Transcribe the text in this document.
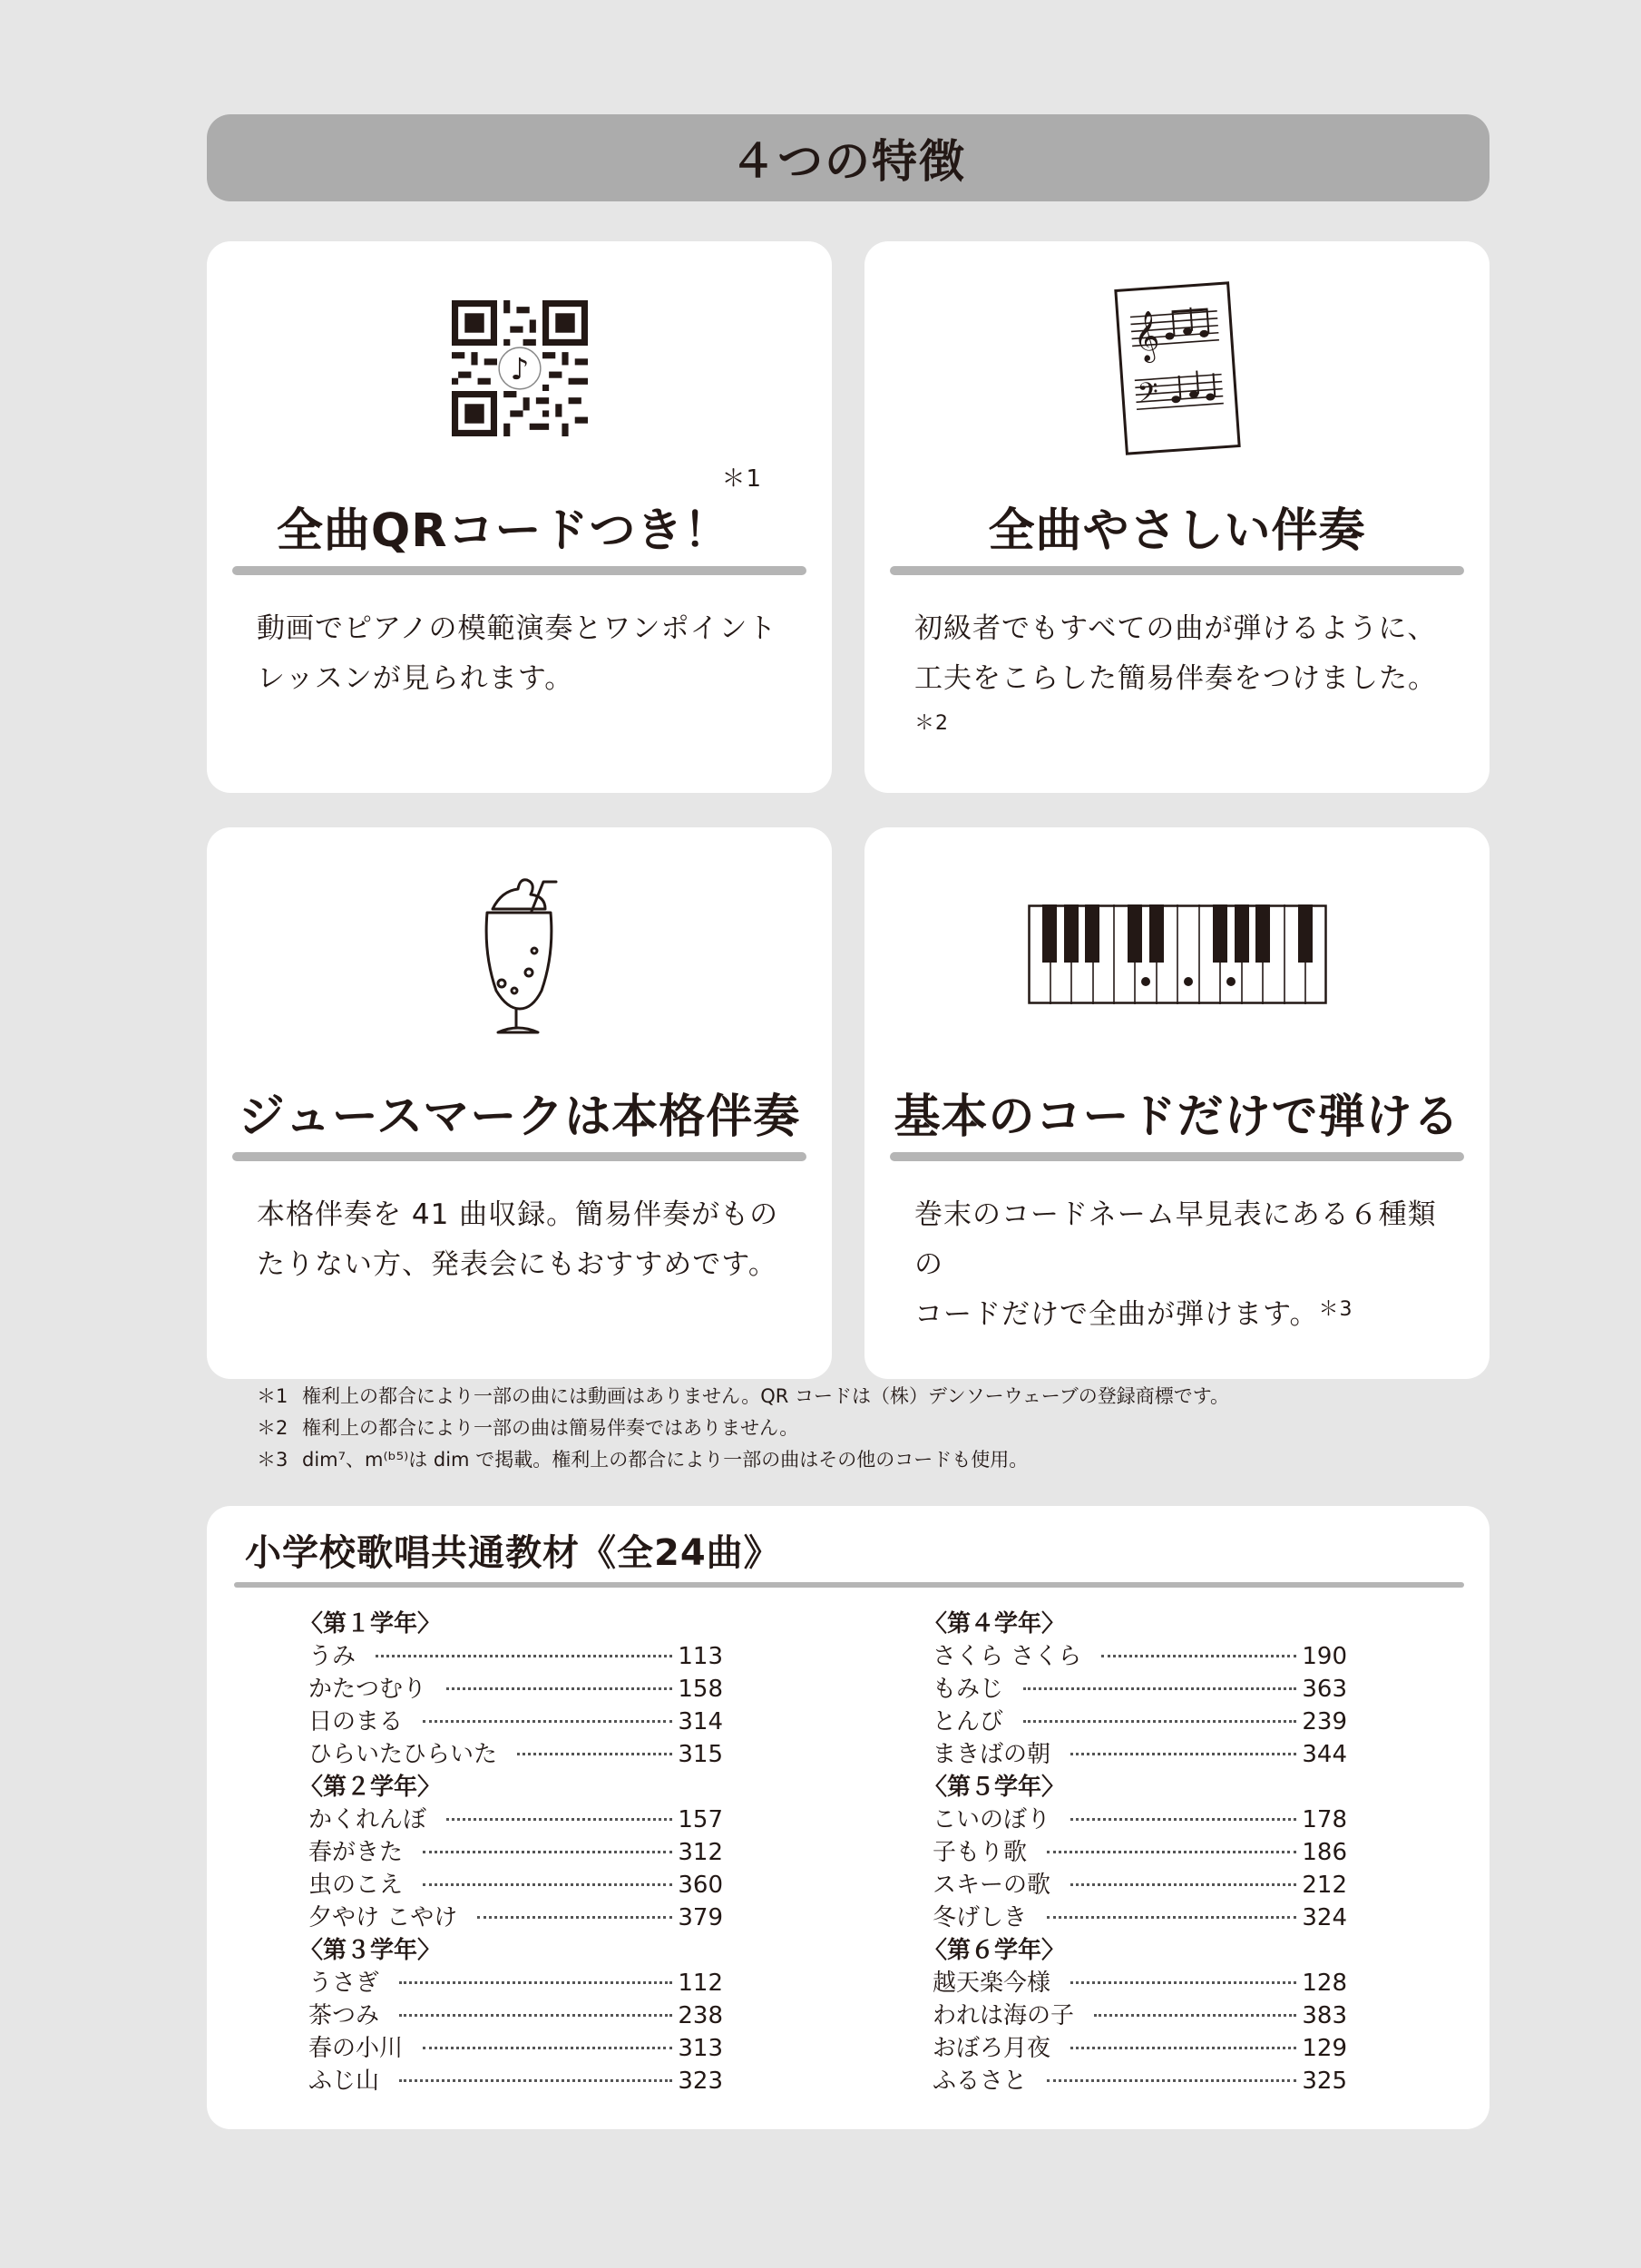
４つの特徴
♪
全曲QRコードつき！$^{*1}$

動画でピアノの模範演奏とワンポイント
レッスンが見られます。

𝄞
𝄢
全曲やさしい伴奏

初級者でもすべての曲が弾けるように、
工夫をこらした簡易伴奏をつけました。$^{*2}$

ジュースマークは本格伴奏

本格伴奏を 41 曲収録。簡易伴奏がもの
たりない方、発表会にもおすすめです。

基本のコードだけで弾ける

巻末のコードネーム早見表にある６種類の
コードだけで全曲が弾けます。$^{*3}$

＊1 権利上の都合により一部の曲には動画はありません。QR コードは（株）デンソーウェーブの登録商標です。
＊2 権利上の都合により一部の曲は簡易伴奏ではありません。
＊3 dim⁷、m⁽ᵇ⁵⁾は dim で掲載。権利上の都合により一部の曲はその他のコードも使用。
小学校歌唱共通教材《全24曲》
〈第１学年〉
うみ	113
かたつむり	158
日のまる	314
ひらいたひらいた	315
〈第２学年〉
かくれんぼ	157
春がきた	312
虫のこえ	360
夕やけ こやけ	379
〈第３学年〉
うさぎ	112
茶つみ	238
春の小川	313
ふじ山	323
〈第４学年〉
さくら さくら	190
もみじ	363
とんび	239
まきばの朝	344
〈第５学年〉
こいのぼり	178
子もり歌	186
スキーの歌	212
冬げしき	324
〈第６学年〉
越天楽今様	128
われは海の子	383
おぼろ月夜	129
ふるさと	325
